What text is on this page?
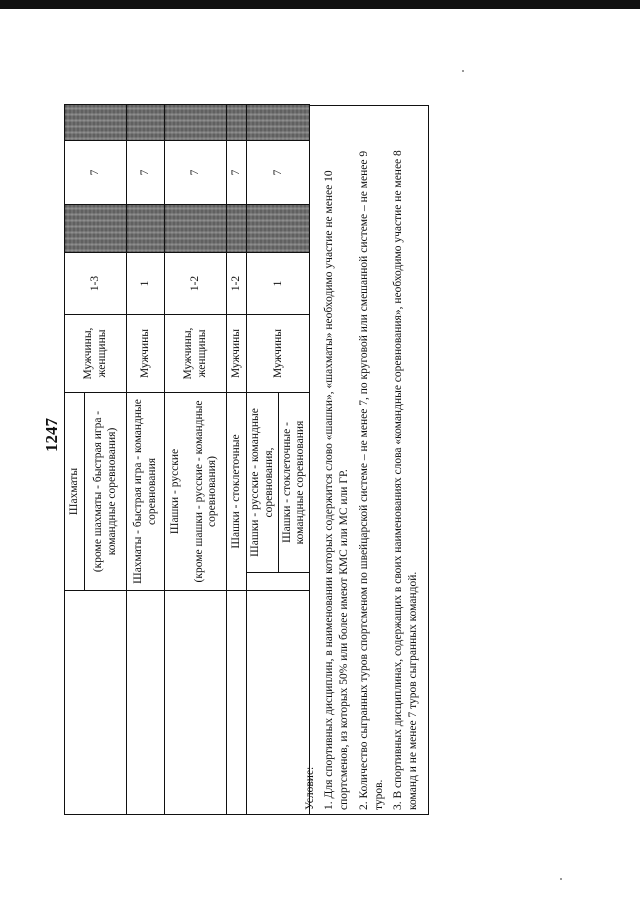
1247
	Шахматы		Мужчины, женщины	1-3		7	
	(кроме шахматы - быстрая игра - командные соревнования)						
	Шахматы - быстрая игра - командные соревнования		Мужчины	1		7	
	Шашки - русские		Мужчины, женщины	1-2		7	
	(кроме шашки - русские - командные соревнования)						
	Шашки - стоклеточные		Мужчины	1-2		7	
		Шашки - русские - командные соревнования,	Мужчины	1		7	
		Шашки - стоклеточные - командные соревнования					

Условие: 1. Для спортивных дисциплин, в наименовании которых содержится слово «шашки», «шахматы» необходимо участие не менее 10 спортсменов, из которых 50% или более имеют КМС или МС или ГР. 2. Количество сыгранных туров спортсменом по швейцарской системе – не менее 7, по круговой или смешанной системе – не менее 9 туров. 3. В спортивных дисциплинах, содержащих в своих наименованиях слова «командные соревнования», необходимо участие не менее 8 команд и не менее 7 туров сыгранных командой.
